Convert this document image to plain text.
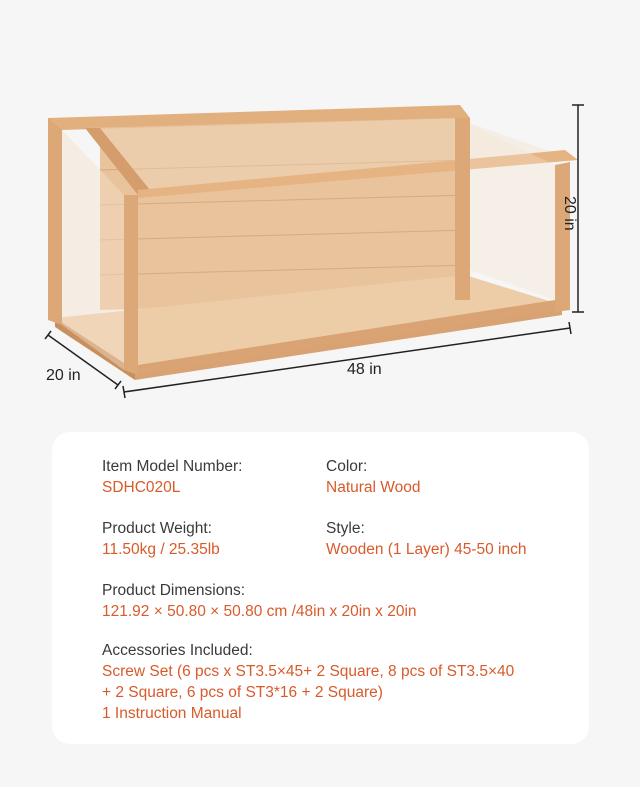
20 in
20 in	48 in
Item Model Number:
SDHC020L
Color:
Natural Wood
Product Weight:
11.50kg / 25.35lb
Style:
Wooden (1 Layer) 45-50 inch
Product Dimensions:
121.92 × 50.80 × 50.80 cm /48in x 20in x 20in
Accessories Included:
Screw Set (6 pcs x ST3.5×45+ 2 Square, 8 pcs of ST3.5×40
+ 2 Square, 6 pcs of ST3*16 + 2 Square)
1 Instruction Manual
